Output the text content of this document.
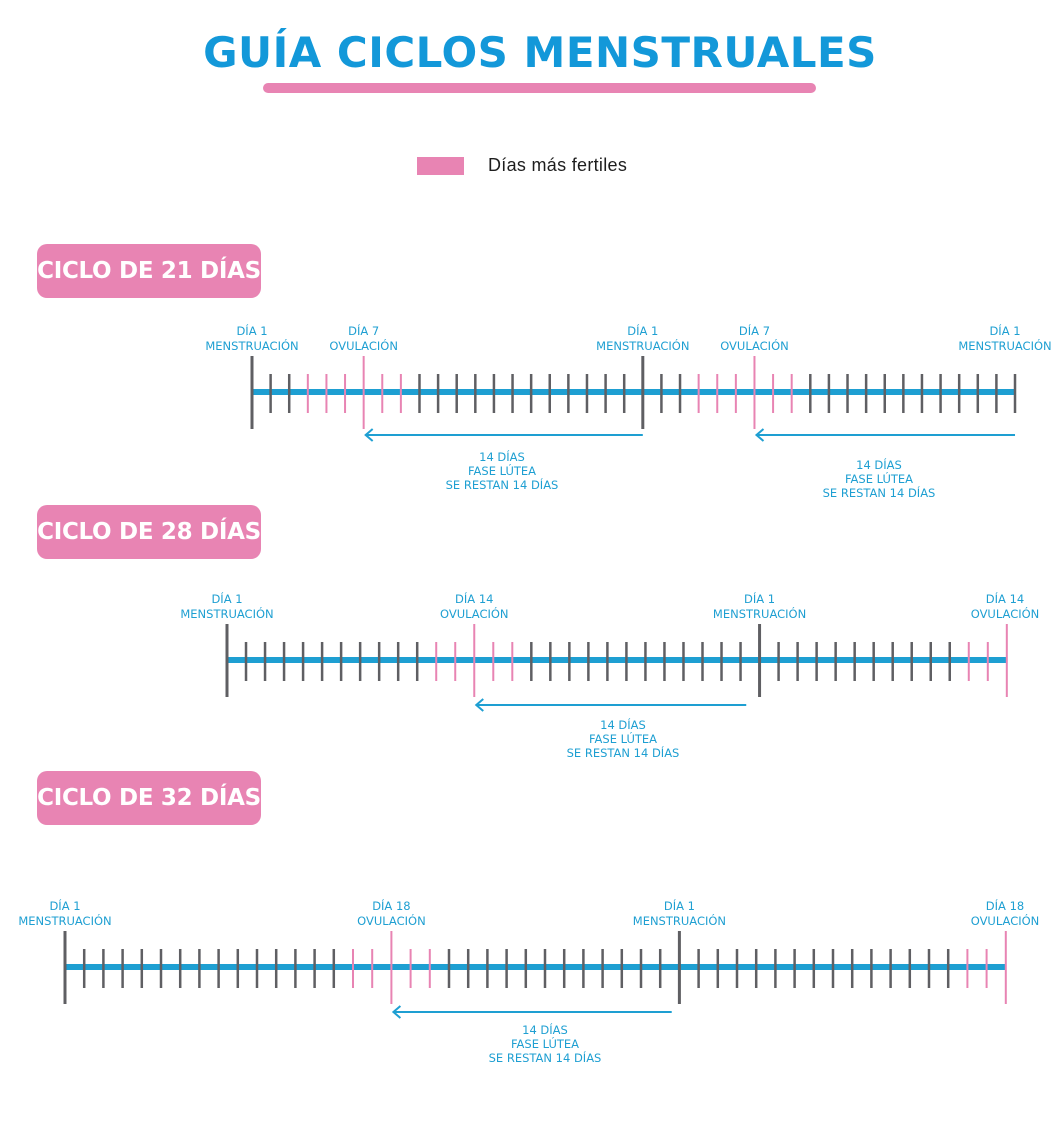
GUÍA CICLOS MENSTRUALES
Días más fertiles
CICLO DE 21 DÍAS
CICLO DE 28 DÍAS
CICLO DE 32 DÍAS
DÍA 1
MENSTRUACIÓN
DÍA 7
OVULACIÓN
DÍA 1
MENSTRUACIÓN
DÍA 7
OVULACIÓN
DÍA 1
MENSTRUACIÓN
14 DÍAS
FASE LÚTEA
SE RESTAN 14 DÍAS
14 DÍAS
FASE LÚTEA
SE RESTAN 14 DÍAS
DÍA 1
MENSTRUACIÓN
DÍA 14
OVULACIÓN
DÍA 1
MENSTRUACIÓN
DÍA 14
OVULACIÓN
14 DÍAS
FASE LÚTEA
SE RESTAN 14 DÍAS
DÍA 1
MENSTRUACIÓN
DÍA 18
OVULACIÓN
DÍA 1
MENSTRUACIÓN
DÍA 18
OVULACIÓN
14 DÍAS
FASE LÚTEA
SE RESTAN 14 DÍAS
